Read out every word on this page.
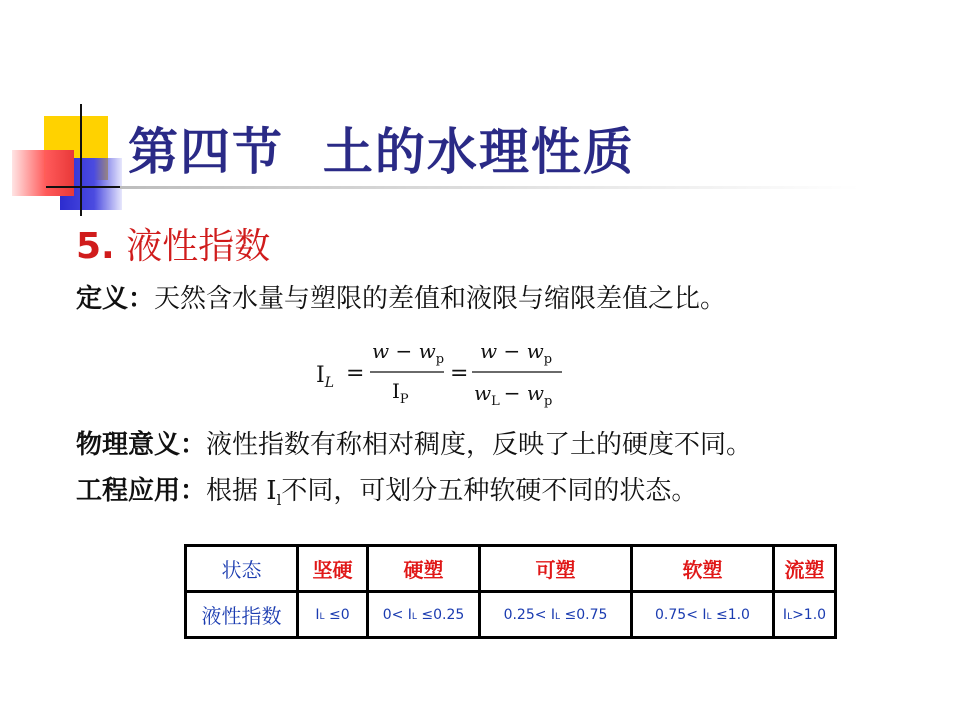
第四节  土的水理性质
5. 液性指数
定义：天然含水量与塑限的差值和液限与缩限差值之比。
$I_L$ =
$w - w_p$
$I_P$
=
$w - w_p$
$w_L - w_p$
物理意义：液性指数有称相对稠度，反映了土的硬度不同。
工程应用：根据 $I_l$不同，可划分五种软硬不同的状态。
状态	坚硬	硬塑	可塑	软塑	流塑
液性指数	IL ≤0	0< IL ≤0.25	0.25< IL ≤0.75	0.75< IL ≤1.0	IL>1.0
